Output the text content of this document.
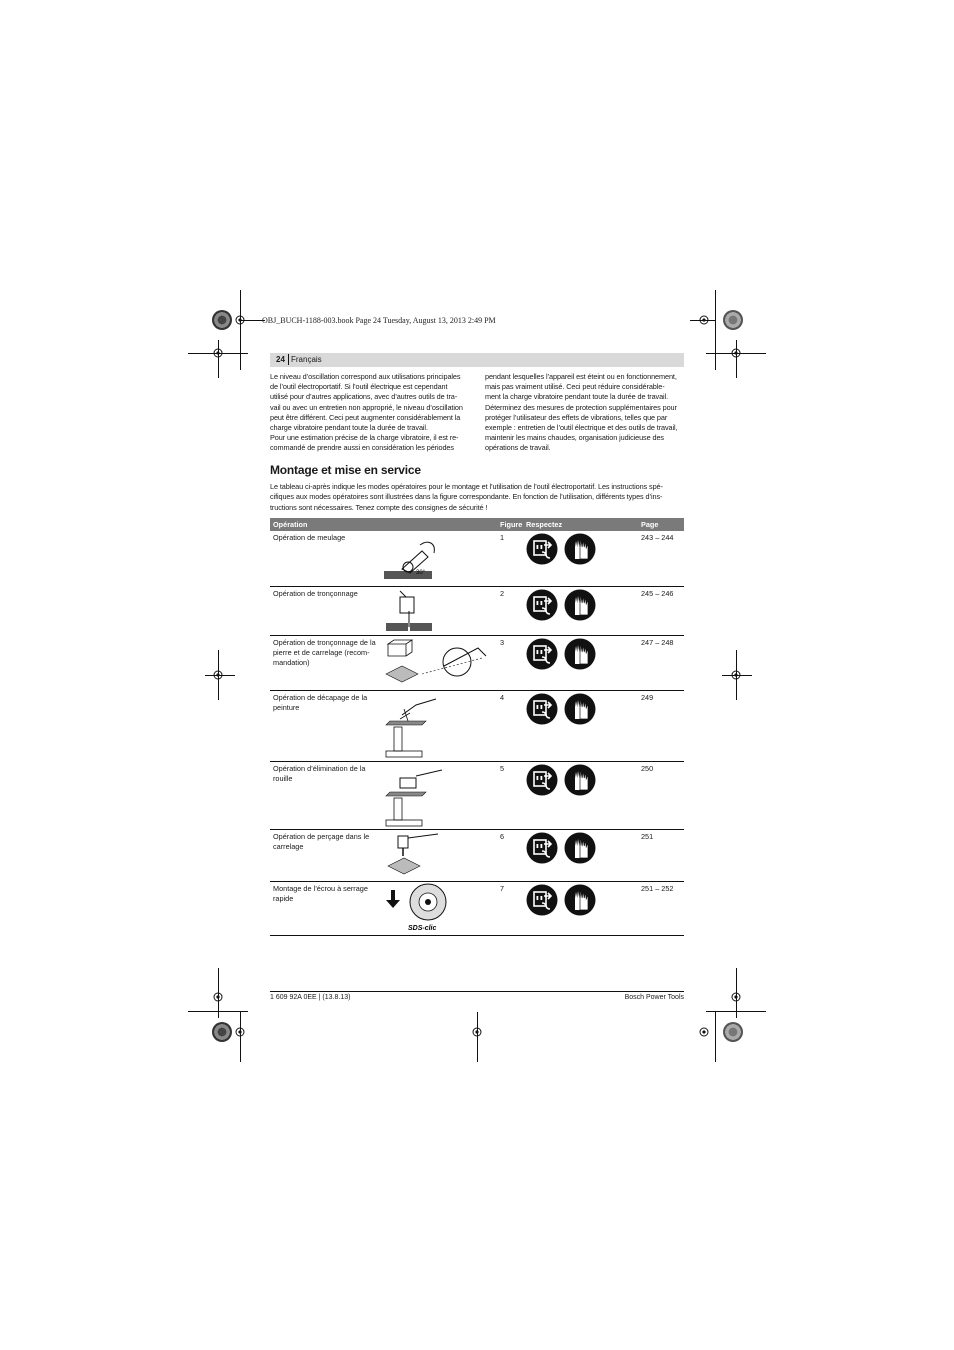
OBJ_BUCH-1188-003.book Page 24 Tuesday, August 13, 2013 2:49 PM
24 Français

Le niveau d’oscillation correspond aux utilisations principales

de l’outil électroportatif. Si l’outil électrique est cependant

utilisé pour d’autres applications, avec d’autres outils de tra-

vail ou avec un entretien non approprié, le niveau d’oscillation

peut être différent. Ceci peut augmenter considérablement la

charge vibratoire pendant toute la durée de travail.

Pour une estimation précise de la charge vibratoire, il est re-

commandé de prendre aussi en considération les périodes

pendant lesquelles l’appareil est éteint ou en fonctionnement,

mais pas vraiment utilisé. Ceci peut réduire considérable-

ment la charge vibratoire pendant toute la durée de travail.

Déterminez des mesures de protection supplémentaires pour

protéger l’utilisateur des effets de vibrations, telles que par

exemple : entretien de l’outil électrique et des outils de travail,

maintenir les mains chaudes, organisation judicieuse des

opérations de travail.

Montage et mise en service

Le tableau ci-après indique les modes opératoires pour le montage et l’utilisation de l’outil électroportatif. Les instructions spé-

cifiques aux modes opératoires sont illustrées dans la figure correspondante. En fonction de l’utilisation, différents types d’ins-

tructions sont nécessaires. Tenez compte des consignes de sécurité !

Opération	Figure Respectez	Page

Opération de meulage

30°
1	243 – 244

Opération de tronçonnage	2	245 – 246

Opération de tronçonnage de la

pierre et de carrelage (recom-

mandation)

3	247 – 248

Opération de décapage de la

peinture

4	249

Opération d’élimination de la

rouille

5	250

Opération de perçage dans le

carrelage

6	251

Montage de l’écrou à serrage

rapide

SDS-clic
7	251 – 252
1 609 92A 0EE | (13.8.13)	Bosch Power Tools
